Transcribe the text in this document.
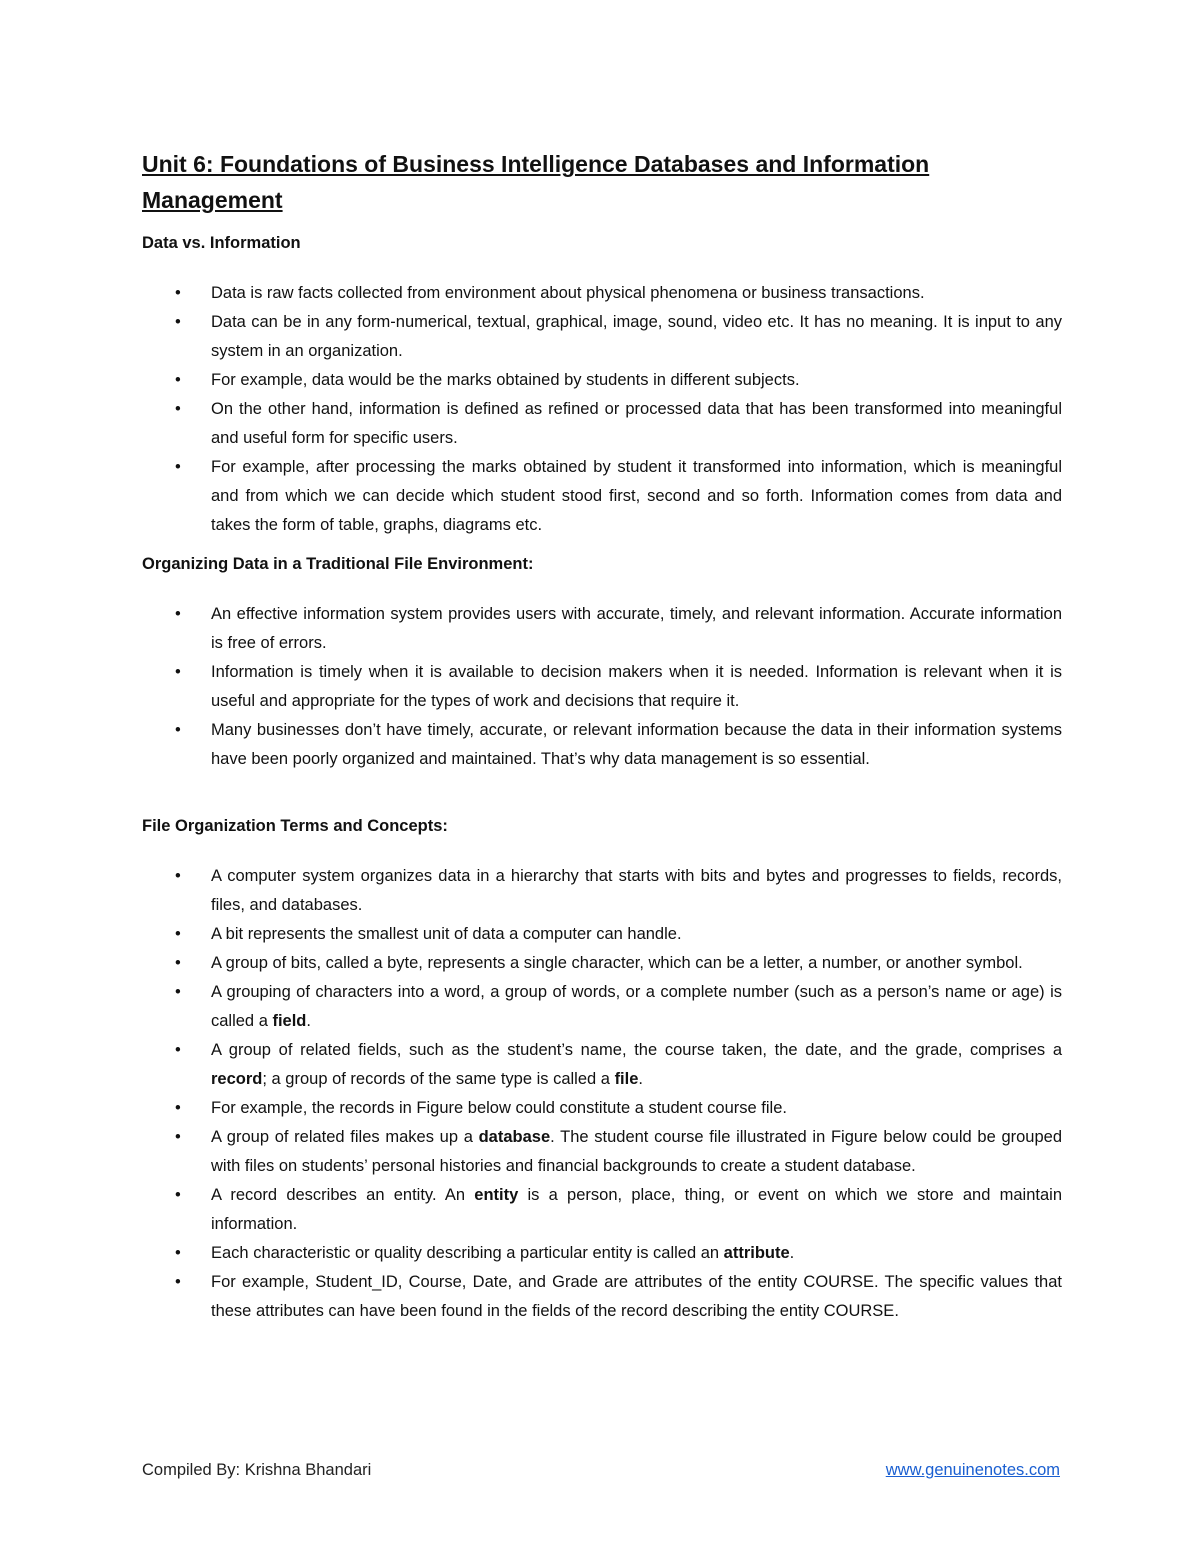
Unit 6: Foundations of Business Intelligence Databases and Information Management
Data vs. Information
• Data is raw facts collected from environment about physical phenomena or business transactions.
• Data can be in any form-numerical, textual, graphical, image, sound, video etc. It has no meaning. It is input to any system in an organization.
• For example, data would be the marks obtained by students in different subjects.
• On the other hand, information is defined as refined or processed data that has been transformed into meaningful and useful form for specific users.
• For example, after processing the marks obtained by student it transformed into information, which is meaningful and from which we can decide which student stood first, second and so forth. Information comes from data and takes the form of table, graphs, diagrams etc.
Organizing Data in a Traditional File Environment:
• An effective information system provides users with accurate, timely, and relevant information. Accurate information is free of errors.
• Information is timely when it is available to decision makers when it is needed. Information is relevant when it is useful and appropriate for the types of work and decisions that require it.
• Many businesses don’t have timely, accurate, or relevant information because the data in their information systems have been poorly organized and maintained. That’s why data management is so essential.
File Organization Terms and Concepts:
• A computer system organizes data in a hierarchy that starts with bits and bytes and progresses to fields, records, files, and databases.
• A bit represents the smallest unit of data a computer can handle.
• A group of bits, called a byte, represents a single character, which can be a letter, a number, or another symbol.
• A grouping of characters into a word, a group of words, or a complete number (such as a person’s name or age) is called a field.
• A group of related fields, such as the student’s name, the course taken, the date, and the grade, comprises a record; a group of records of the same type is called a file.
• For example, the records in Figure below could constitute a student course file.
• A group of related files makes up a database. The student course file illustrated in Figure below could be grouped with files on students’ personal histories and financial backgrounds to create a student database.
• A record describes an entity. An entity is a person, place, thing, or event on which we store and maintain information.
• Each characteristic or quality describing a particular entity is called an attribute.
• For example, Student_ID, Course, Date, and Grade are attributes of the entity COURSE. The specific values that these attributes can have been found in the fields of the record describing the entity COURSE.
Compiled By: Krishna Bhandari	www.genuinenotes.com
